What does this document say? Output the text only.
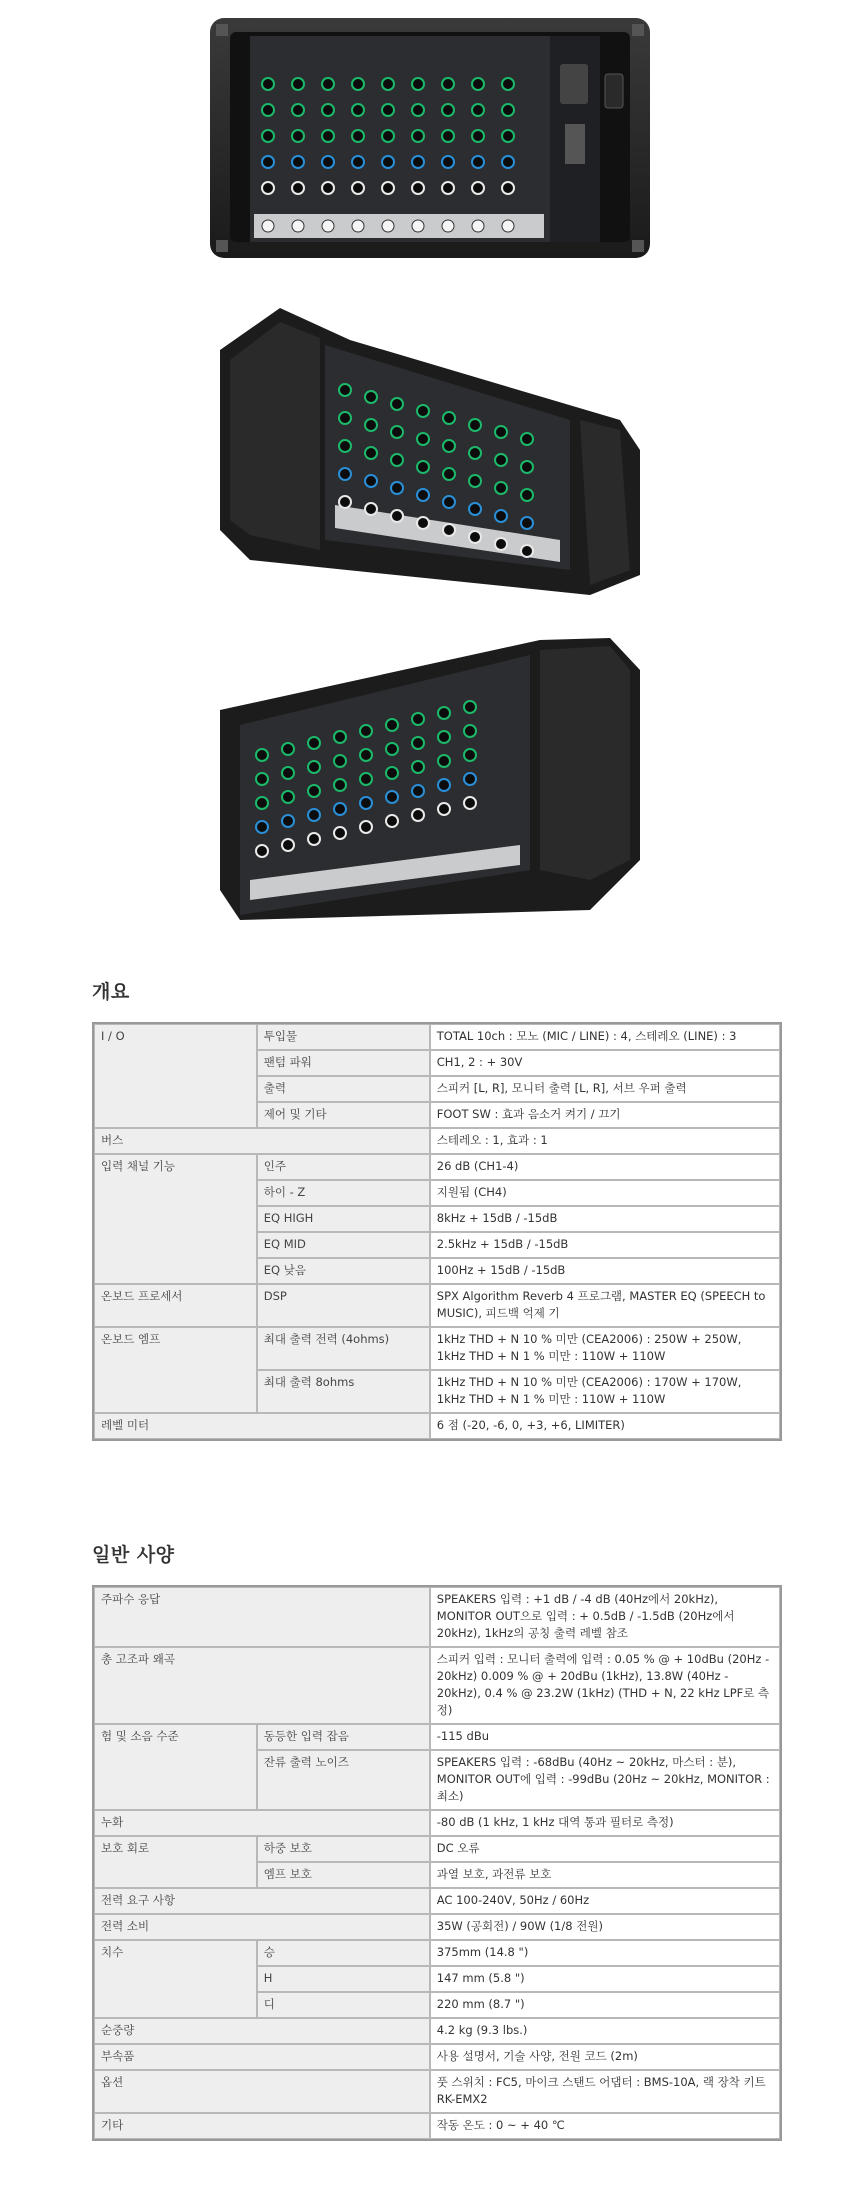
개요
I / O	투입물	TOTAL 10ch : 모노 (MIC / LINE) : 4, 스테레오 (LINE) : 3
	팬텀 파워	CH1, 2 : + 30V
	출력	스피커 [L, R], 모니터 출력 [L, R], 서브 우퍼 출력
	제어 및 기타	FOOT SW : 효과 음소거 켜기 / 끄기
버스		스테레오 : 1, 효과 : 1
입력 채널 기능	인주	26 dB (CH1-4)
	하이 - Z	지원됨 (CH4)
	EQ HIGH	8kHz + 15dB / -15dB
	EQ MID	2.5kHz + 15dB / -15dB
	EQ 낮음	100Hz + 15dB / -15dB
온보드 프로세서	DSP	SPX Algorithm Reverb 4 프로그램, MASTER EQ (SPEECH to MUSIC), 피드백 억제 기
온보드 엠프	최대 출력 전력 (4ohms)	1kHz THD + N 10 % 미만 (CEA2006) : 250W + 250W, 1kHz THD + N 1 % 미만 : 110W + 110W
	최대 출력 8ohms	1kHz THD + N 10 % 미만 (CEA2006) : 170W + 170W, 1kHz THD + N 1 % 미만 : 110W + 110W
레벨 미터		6 점 (-20, -6, 0, +3, +6, LIMITER)
일반 사양
주파수 응답		SPEAKERS 입력 : +1 dB / -4 dB (40Hz에서 20kHz), MONITOR OUT으로 입력 : + 0.5dB / -1.5dB (20Hz에서 20kHz), 1kHz의 공칭 출력 레벨 참조
총 고조파 왜곡		스피커 입력 : 모니터 출력에 입력 : 0.05 % @ + 10dBu (20Hz - 20kHz) 0.009 % @ + 20dBu (1kHz), 13.8W (40Hz - 20kHz), 0.4 % @ 23.2W (1kHz) (THD + N, 22 kHz LPF로 측정)
험 및 소음 수준	동등한 입력 잡음	-115 dBu
	잔류 출력 노이즈	SPEAKERS 입력 : -68dBu (40Hz ~ 20kHz, 마스터 : 분), MONITOR OUT에 입력 : -99dBu (20Hz ~ 20kHz, MONITOR : 최소)
누화		-80 dB (1 kHz, 1 kHz 대역 통과 필터로 측정)
보호 회로	하중 보호	DC 오류
	엠프 보호	과열 보호, 과전류 보호
전력 요구 사항		AC 100-240V, 50Hz / 60Hz
전력 소비		35W (공회전) / 90W (1/8 전원)
치수	승	375mm (14.8 ")
	H	147 mm (5.8 ")
	디	220 mm (8.7 ")
순중량		4.2 kg (9.3 lbs.)
부속품		사용 설명서, 기술 사양, 전원 코드 (2m)
옵션		풋 스위치 : FC5, 마이크 스탠드 어댑터 : BMS-10A, 랙 장착 키트 RK-EMX2
기타		작동 온도 : 0 ~ + 40 ℃
